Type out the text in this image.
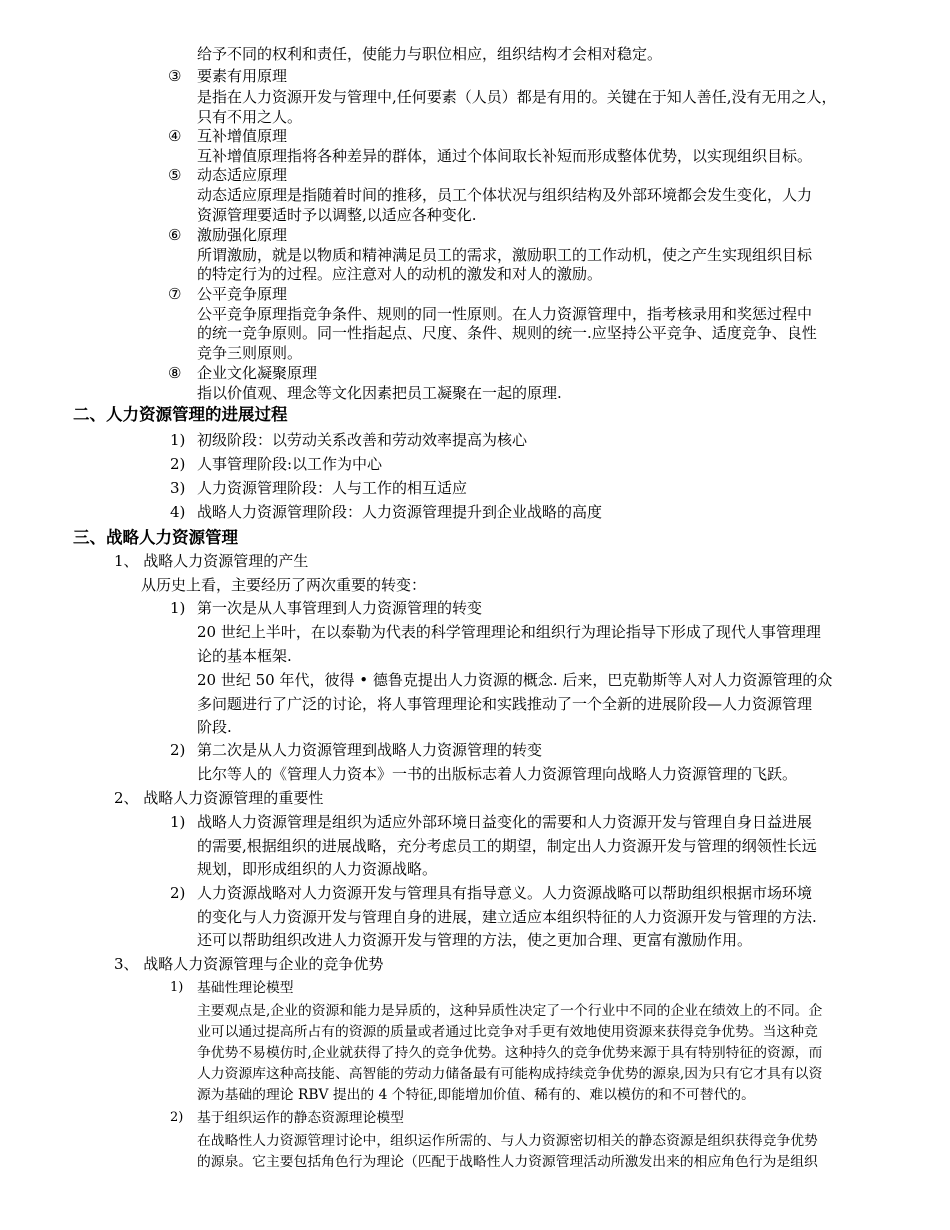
给予不同的权利和责任，使能力与职位相应，组织结构才会相对稳定。
③ 要素有用原理
是指在人力资源开发与管理中,任何要素（人员）都是有用的。关键在于知人善任,没有无用之人，
只有不用之人。
④ 互补增值原理
互补增值原理指将各种差异的群体，通过个体间取长补短而形成整体优势，以实现组织目标。
⑤ 动态适应原理
动态适应原理是指随着时间的推移，员工个体状况与组织结构及外部环境都会发生变化，人力
资源管理要适时予以调整,以适应各种变化.
⑥ 激励强化原理
所谓激励，就是以物质和精神满足员工的需求，激励职工的工作动机，使之产生实现组织目标
的特定行为的过程。应注意对人的动机的激发和对人的激励。
⑦ 公平竞争原理
公平竞争原理指竞争条件、规则的同一性原则。在人力资源管理中，指考核录用和奖惩过程中
的统一竞争原则。同一性指起点、尺度、条件、规则的统一.应坚持公平竞争、适度竞争、良性
竞争三则原则。
⑧ 企业文化凝聚原理
指以价值观、理念等文化因素把员工凝聚在一起的原理.
二、人力资源管理的进展过程
1) 初级阶段：以劳动关系改善和劳动效率提高为核心
2) 人事管理阶段:以工作为中心
3) 人力资源管理阶段：人与工作的相互适应
4) 战略人力资源管理阶段：人力资源管理提升到企业战略的高度
三、战略人力资源管理
1、 战略人力资源管理的产生
从历史上看，主要经历了两次重要的转变：
1) 第一次是从人事管理到人力资源管理的转变
20 世纪上半叶，在以泰勒为代表的科学管理理论和组织行为理论指导下形成了现代人事管理理
论的基本框架.
20 世纪 50 年代，彼得 • 德鲁克提出人力资源的概念. 后来，巴克勒斯等人对人力资源管理的众
多问题进行了广泛的讨论，将人事管理理论和实践推动了一个全新的进展阶段—人力资源管理
阶段.
2) 第二次是从人力资源管理到战略人力资源管理的转变
比尔等人的《管理人力资本》一书的出版标志着人力资源管理向战略人力资源管理的飞跃。
2、 战略人力资源管理的重要性
1) 战略人力资源管理是组织为适应外部环境日益变化的需要和人力资源开发与管理自身日益进展
的需要,根据组织的进展战略，充分考虑员工的期望，制定出人力资源开发与管理的纲领性长远
规划，即形成组织的人力资源战略。
2) 人力资源战略对人力资源开发与管理具有指导意义。人力资源战略可以帮助组织根据市场环境
的变化与人力资源开发与管理自身的进展，建立适应本组织特征的人力资源开发与管理的方法.
还可以帮助组织改进人力资源开发与管理的方法，使之更加合理、更富有激励作用。
3、 战略人力资源管理与企业的竞争优势
1) 基础性理论模型
主要观点是,企业的资源和能力是异质的，这种异质性决定了一个行业中不同的企业在绩效上的不同。企
业可以通过提高所占有的资源的质量或者通过比竞争对手更有效地使用资源来获得竞争优势。当这种竞
争优势不易模仿时,企业就获得了持久的竞争优势。这种持久的竞争优势来源于具有特别特征的资源，而
人力资源库这种高技能、高智能的劳动力储备最有可能构成持续竞争优势的源泉,因为只有它才具有以资
源为基础的理论 RBV 提出的 4 个特征,即能增加价值、稀有的、难以模仿的和不可替代的。
2) 基于组织运作的静态资源理论模型
在战略性人力资源管理讨论中，组织运作所需的、与人力资源密切相关的静态资源是组织获得竞争优势
的源泉。它主要包括角色行为理论（匹配于战略性人力资源管理活动所激发出来的相应角色行为是组织
